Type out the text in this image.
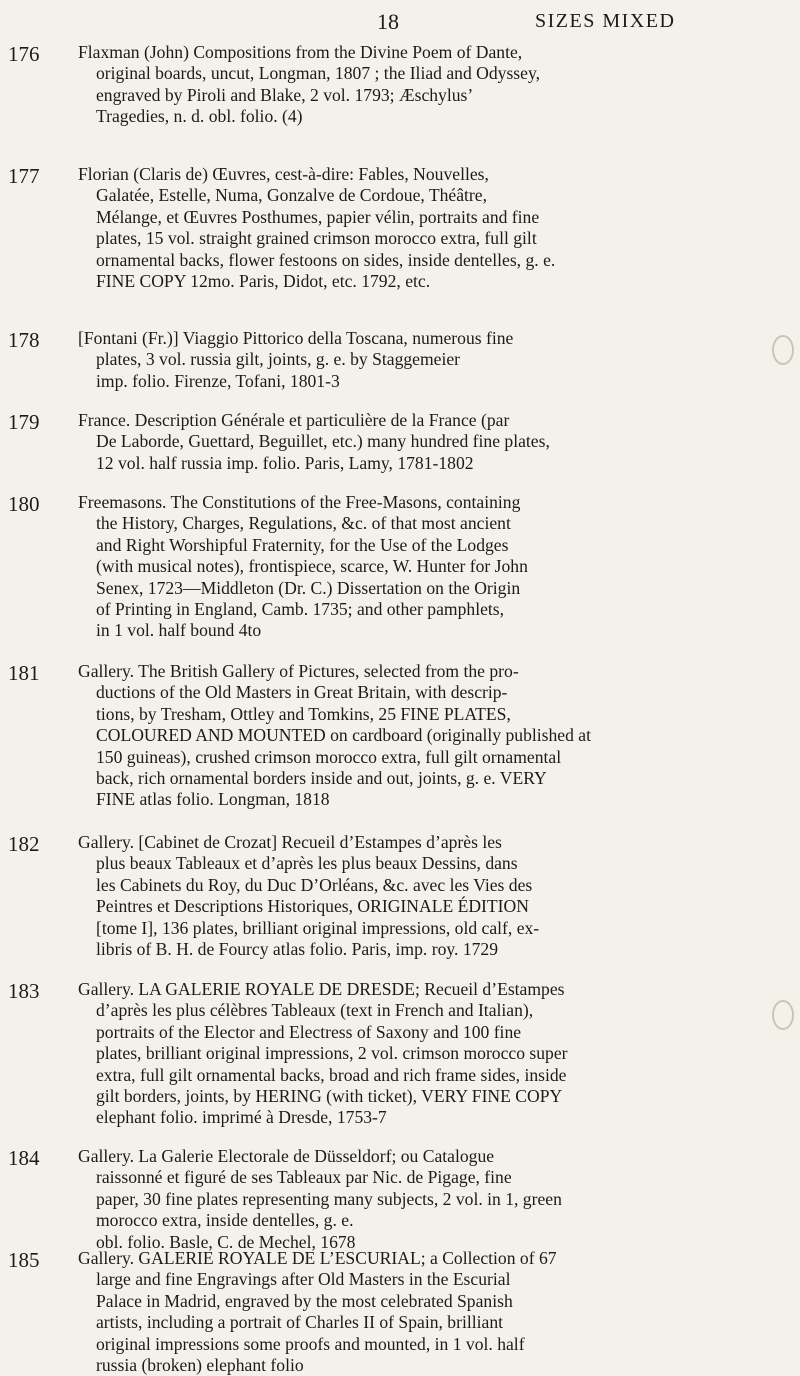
18	SIZES MIXED
176	Flaxman (John) Compositions from the Divine Poem of Dante,
original boards, uncut, Longman, 1807 ; the Iliad and Odyssey,
engraved by Piroli and Blake, 2 vol. 1793; Æschylus’
Tragedies, n. d. obl. folio. (4)
177	Florian (Claris de) Œuvres, cest-à-dire: Fables, Nouvelles,
Galatée, Estelle, Numa, Gonzalve de Cordoue, Théâtre,
Mélange, et Œuvres Posthumes, papier vélin, portraits and fine
plates, 15 vol. straight grained crimson morocco extra, full gilt
ornamental backs, flower festoons on sides, inside dentelles, g. e.
FINE COPY 12mo. Paris, Didot, etc. 1792, etc.
178	[Fontani (Fr.)] Viaggio Pittorico della Toscana, numerous fine
plates, 3 vol. russia gilt, joints, g. e. by Staggemeier
imp. folio. Firenze, Tofani, 1801-3
179	France. Description Générale et particulière de la France (par
De Laborde, Guettard, Beguillet, etc.) many hundred fine plates,
12 vol. half russia imp. folio. Paris, Lamy, 1781-1802
180	Freemasons. The Constitutions of the Free-Masons, containing
the History, Charges, Regulations, &c. of that most ancient
and Right Worshipful Fraternity, for the Use of the Lodges
(with musical notes), frontispiece, scarce, W. Hunter for John
Senex, 1723—Middleton (Dr. C.) Dissertation on the Origin
of Printing in England, Camb. 1735; and other pamphlets,
in 1 vol. half bound 4to
181	Gallery. The British Gallery of Pictures, selected from the pro-
ductions of the Old Masters in Great Britain, with descrip-
tions, by Tresham, Ottley and Tomkins, 25 FINE PLATES,
COLOURED AND MOUNTED on cardboard (originally published at
150 guineas), crushed crimson morocco extra, full gilt ornamental
back, rich ornamental borders inside and out, joints, g. e. VERY
FINE atlas folio. Longman, 1818
182	Gallery. [Cabinet de Crozat] Recueil d’Estampes d’après les
plus beaux Tableaux et d’après les plus beaux Dessins, dans
les Cabinets du Roy, du Duc D’Orléans, &c. avec les Vies des
Peintres et Descriptions Historiques, ORIGINALE ÉDITION
[tome I], 136 plates, brilliant original impressions, old calf, ex-
libris of B. H. de Fourcy atlas folio. Paris, imp. roy. 1729
183	Gallery. LA GALERIE ROYALE DE DRESDE; Recueil d’Estampes
d’après les plus célèbres Tableaux (text in French and Italian),
portraits of the Elector and Electress of Saxony and 100 fine
plates, brilliant original impressions, 2 vol. crimson morocco super
extra, full gilt ornamental backs, broad and rich frame sides, inside
gilt borders, joints, by HERING (with ticket), VERY FINE COPY
elephant folio. imprimé à Dresde, 1753-7
184	Gallery. La Galerie Electorale de Düsseldorf; ou Catalogue
raissonné et figuré de ses Tableaux par Nic. de Pigage, fine
paper, 30 fine plates representing many subjects, 2 vol. in 1, green
morocco extra, inside dentelles, g. e.
obl. folio. Basle, C. de Mechel, 1678
185	Gallery. GALERIE ROYALE DE L’ESCURIAL; a Collection of 67
large and fine Engravings after Old Masters in the Escurial
Palace in Madrid, engraved by the most celebrated Spanish
artists, including a portrait of Charles II of Spain, brilliant
original impressions some proofs and mounted, in 1 vol. half
russia (broken) elephant folio
